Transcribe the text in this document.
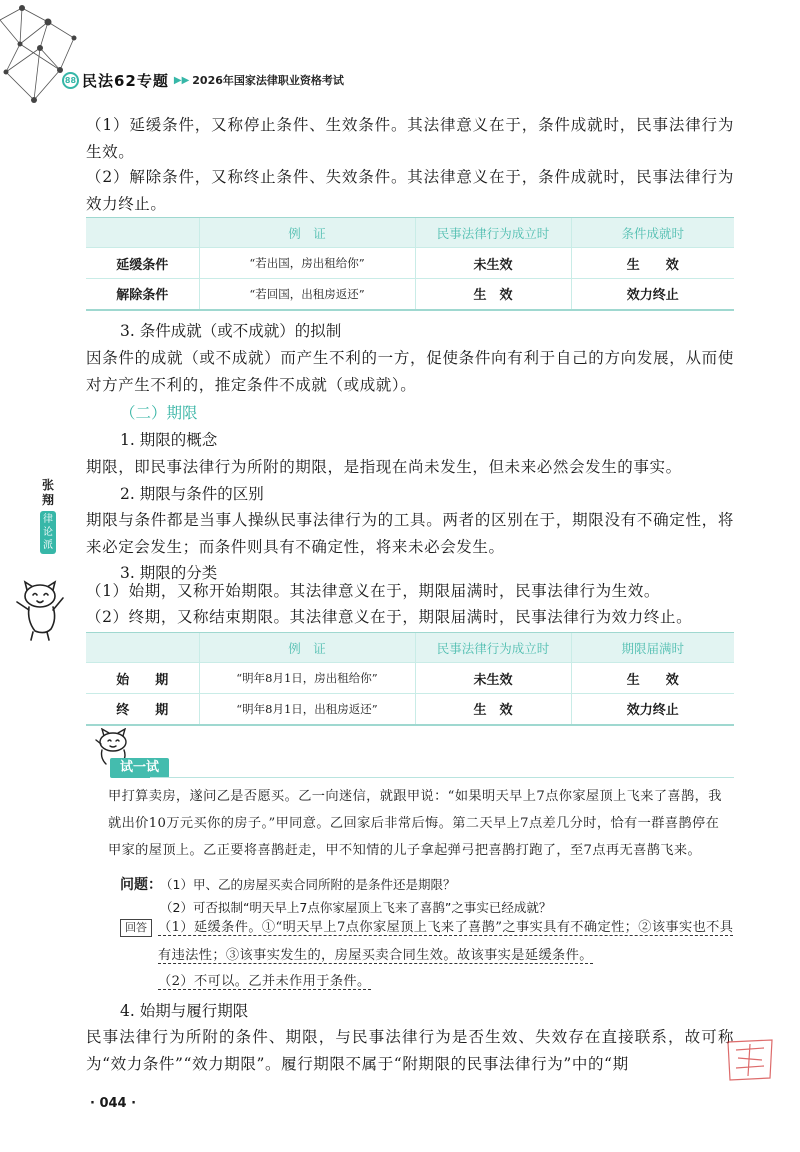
88 民法62专题 ▶▶ 2026年国家法律职业资格考试

（1）延缓条件，又称停止条件、生效条件。其法律意义在于，条件成就时，民事法律行为生效。

（2）解除条件，又称终止条件、失效条件。其法律意义在于，条件成就时，民事法律行为效力终止。

	例　证	民事法律行为成立时	条件成就时
延缓条件	“若出国，房出租给你”	未生效	生　　效
解除条件	“若回国，出租房返还”	生　效	效力终止
3. 条件成就（或不成就）的拟制

因条件的成就（或不成就）而产生不利的一方，促使条件向有利于自己的方向发展，从而使对方产生不利的，推定条件不成就（或成就）。

（二）期限
1. 期限的概念

期限，即民事法律行为所附的期限，是指现在尚未发生，但未来必然会发生的事实。

2. 期限与条件的区别

期限与条件都是当事人操纵民事法律行为的工具。两者的区别在于，期限没有不确定性，将来必定会发生；而条件则具有不确定性，将来未必会发生。

3. 期限的分类

（1）始期，又称开始期限。其法律意义在于，期限届满时，民事法律行为生效。

（2）终期，又称结束期限。其法律意义在于，期限届满时，民事法律行为效力终止。

	例　证	民事法律行为成立时	期限届满时
始　　期	“明年8月1日，房出租给你”	未生效	生　　效
终　　期	“明年8月1日，出租房返还”	生　效	效力终止
张
翔
律
论
派
试一试

甲打算卖房，遂问乙是否愿买。乙一向迷信，就跟甲说：“如果明天早上7点你家屋顶上飞来了喜鹊，我就出价10万元买你的房子。”甲同意。乙回家后非常后悔。第二天早上7点差几分时，恰有一群喜鹊停在甲家的屋顶上。乙正要将喜鹊赶走，甲不知情的儿子拿起弹弓把喜鹊打跑了，至7点再无喜鹊飞来。

问题：
（1）甲、乙的房屋买卖合同所附的是条件还是期限？
（2）可否拟制“明天早上7点你家屋顶上飞来了喜鹊”之事实已经成就？
回答 （1）延缓条件。①“明天早上7点你家屋顶上飞来了喜鹊”之事实具有不确定性；②该事实也不具有违法性；③该事实发生的，房屋买卖合同生效。故该事实是延缓条件。

（2）不可以。乙并未作用于条件。

4. 始期与履行期限

民事法律行为所附的条件、期限，与民事法律行为是否生效、失效存在直接联系，故可称为“效力条件”“效力期限”。履行期限不属于“附期限的民事法律行为”中的“期

· 044 ·
